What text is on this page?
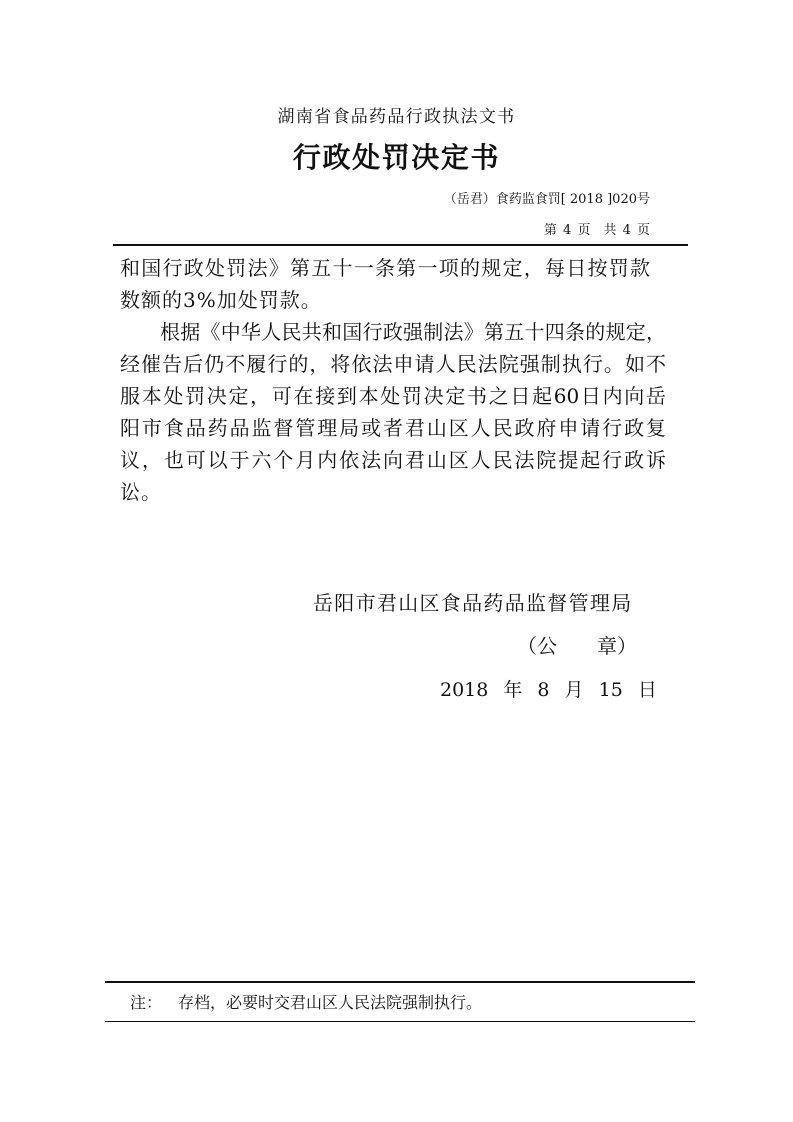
湖南省食品药品行政执法文书
行政处罚决定书
（岳君）食药监食罚[ 2018 ]020号
第 4 页　共 4 页
和国行政处罚法》第五十一条第一项的规定，每日按罚款
数额的3%加处罚款。
根据《中华人民共和国行政强制法》第五十四条的规定，
经催告后仍不履行的，将依法申请人民法院强制执行。如不
服本处罚决定，可在接到本处罚决定书之日起60日内向岳
阳市食品药品监督管理局或者君山区人民政府申请行政复
议，也可以于六个月内依法向君山区人民法院提起行政诉
讼。
岳阳市君山区食品药品监督管理局
（公　　章）
2018 年 8 月 15 日
注： 存档，必要时交君山区人民法院强制执行。
